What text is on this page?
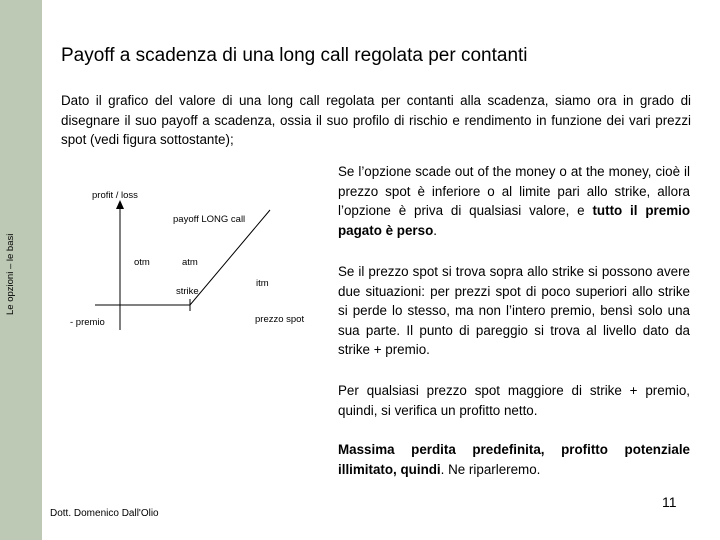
Le opzioni – le basi
Payoff a scadenza di una long call regolata per contanti

Dato il grafico del valore di una long call regolata per contanti alla scadenza, siamo ora in grado di disegnare il suo payoff a scadenza, ossia il suo profilo di rischio e rendimento in funzione dei vari prezzi spot (vedi figura sottostante);

profit / loss
payoff LONG call
otm	atm
strike
itm
prezzo spot
- premio

Se l’opzione scade out of the money o at the money, cioè il prezzo spot è inferiore o al limite pari allo strike, allora l’opzione è priva di qualsiasi valore, e tutto il premio pagato è perso.

Se il prezzo spot si trova sopra allo strike si possono avere due situazioni: per prezzi spot di poco superiori allo strike si perde lo stesso, ma non l’intero premio, bensì solo una sua parte. Il punto di pareggio si trova al livello dato da strike + premio.

Per qualsiasi prezzo spot maggiore di strike + premio, quindi, si verifica un profitto netto.

Massima perdita predefinita, profitto potenziale illimitato, quindi. Ne riparleremo.

Dott. Domenico Dall'Olio
11
